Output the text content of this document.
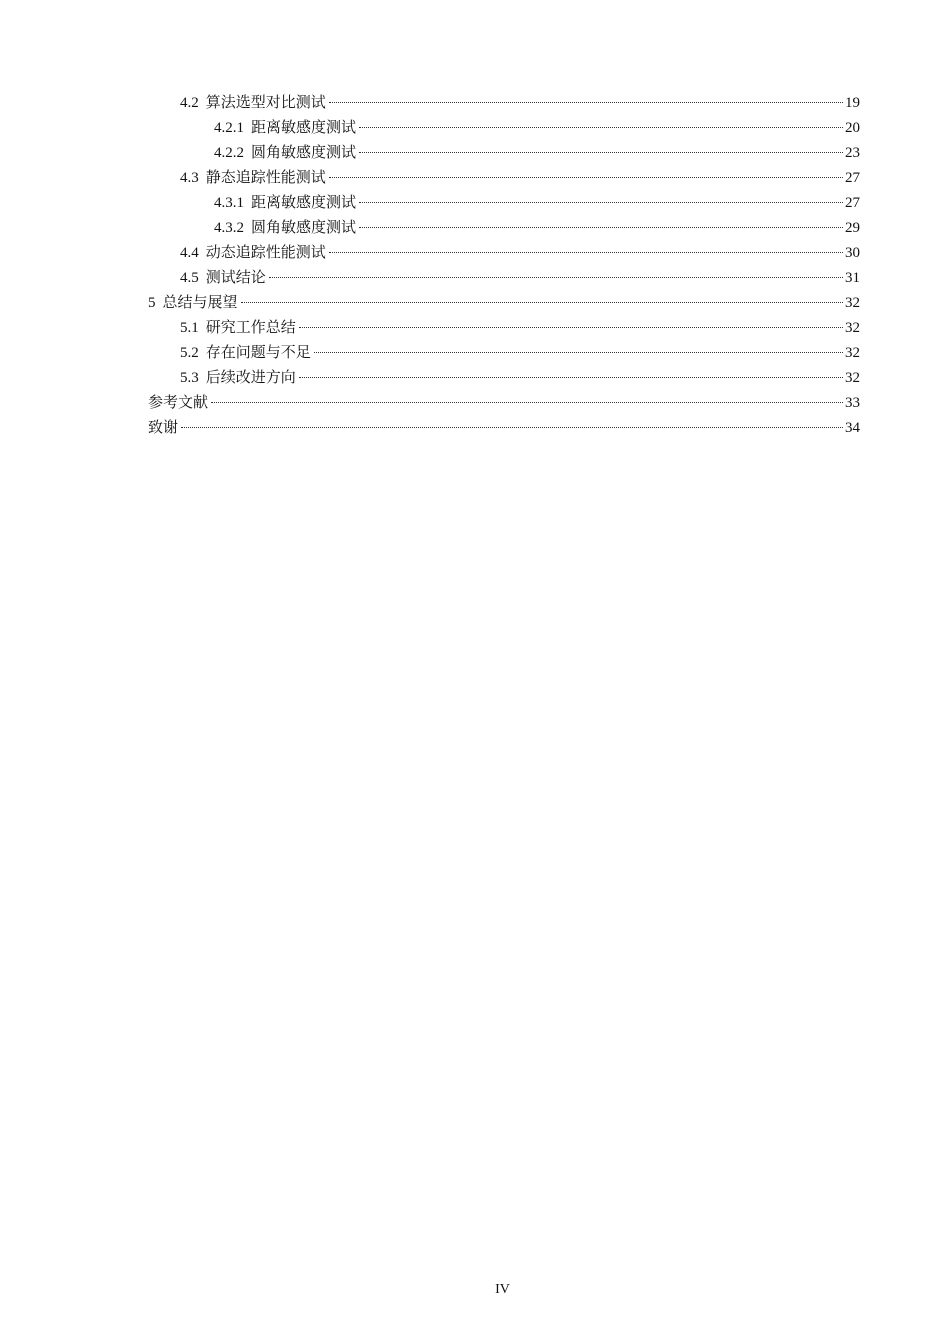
4.2 算法选型对比测试	19
4.2.1 距离敏感度测试	20
4.2.2 圆角敏感度测试	23
4.3 静态追踪性能测试	27
4.3.1 距离敏感度测试	27
4.3.2 圆角敏感度测试	29
4.4 动态追踪性能测试	30
4.5 测试结论	31
5 总结与展望	32
5.1 研究工作总结	32
5.2 存在问题与不足	32
5.3 后续改进方向	32
参考文献	33
致谢	34
IV
